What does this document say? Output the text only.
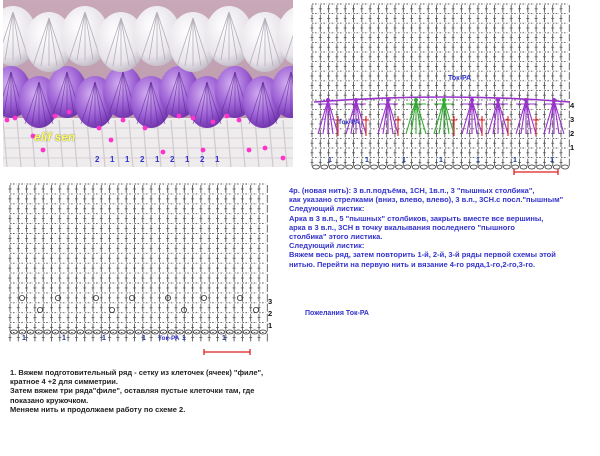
2 1 1 2 1 2 1 2 1
elif sen
4
3
2
1
1	1	1	1	1	1	1
Ток-РА
Ток-РА
3
2
1
1	1	1	1	1	1
Ток-РА
4р. (новая нить): 3 в.п.подъёма, 1СН, 1в.п., 3 "пышных столбика",
как указано стрелками (вниз, влево, влево), 3 в.п., 3СН.с посл."пышным"
Следующий листик:
Арка в 3 в.п., 5 "пышных" столбиков, закрыть вместе все вершины,
арка в 3 в.п., 3СН в точку вкалывания последнего "пышного
столбика" этого листика.
Следующий листик:
Вяжем весь ряд, затем повторить 1-й, 2-й, 3-й ряды первой схемы этой
нитью. Перейти на первую нить и вязание 4-го ряда,1-го,2-го,3-го.
Пожелания Ток-РА
1. Вяжем подготовительный ряд - сетку из клеточек (ячеек) "филе",
кратное 4 +2 для симметрии.
Затем вяжем три ряда"филе", оставляя пустые клеточки там, где
показано кружочком.
Меняем нить и продолжаем работу по схеме 2.
